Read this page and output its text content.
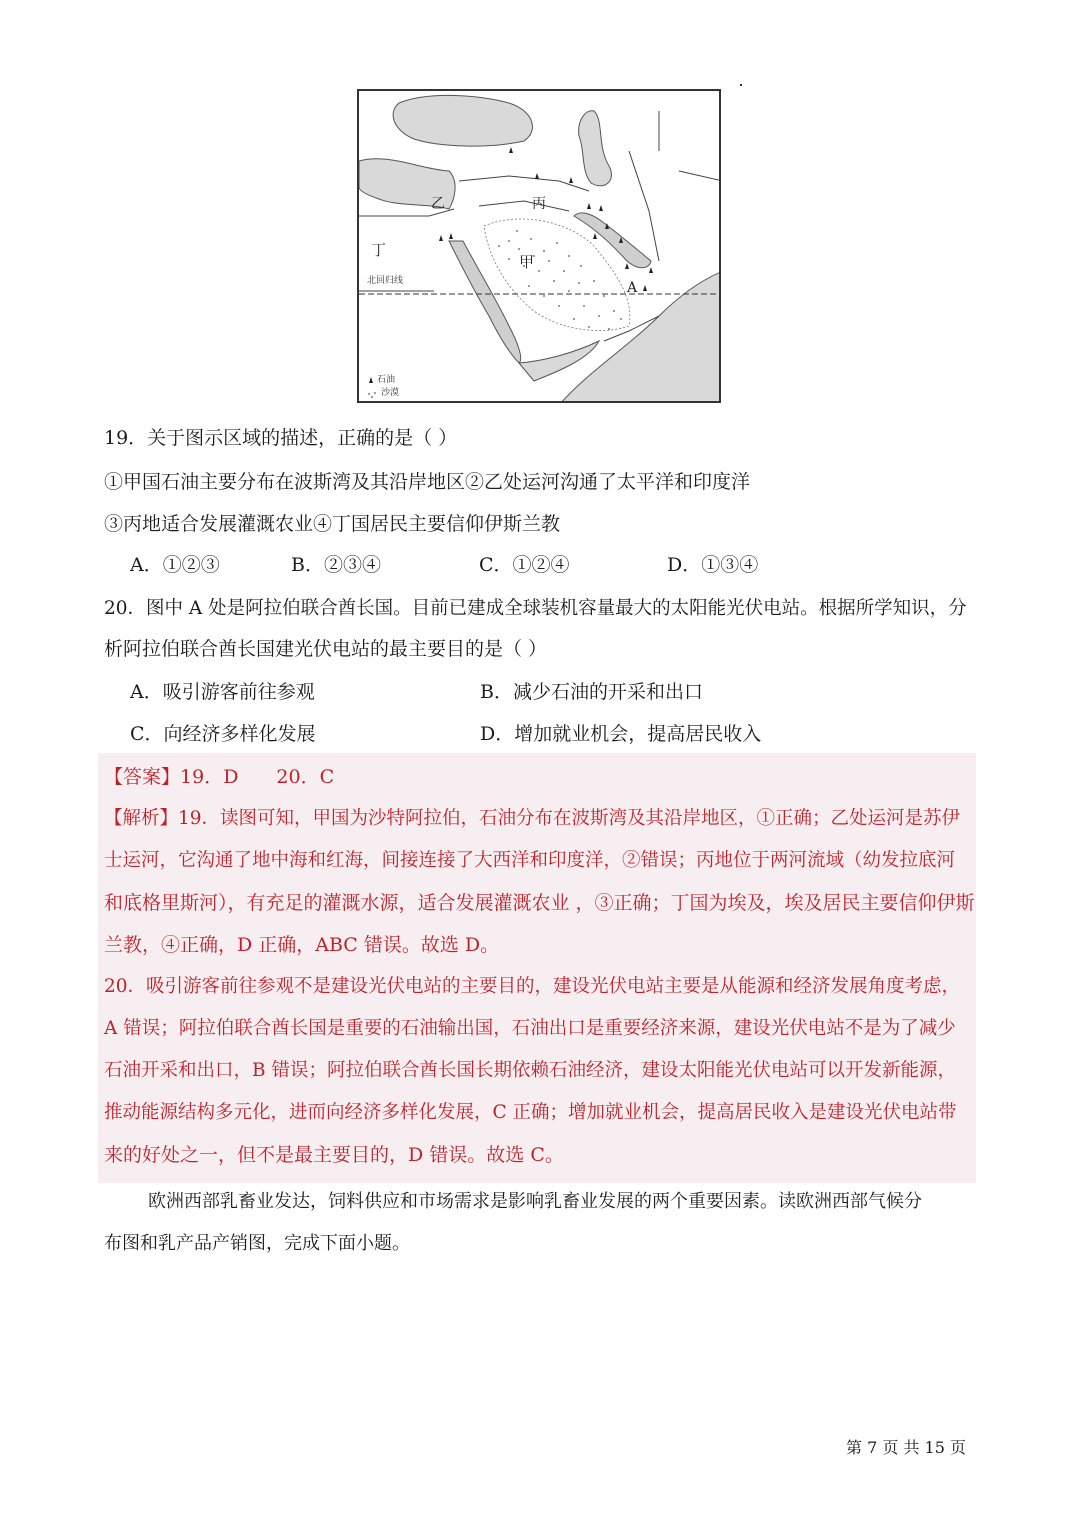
甲
乙	丙
丁
A
北回归线
石油
沙漠
19．关于图示区域的描述，正确的是（ ）
①甲国石油主要分布在波斯湾及其沿岸地区②乙处运河沟通了太平洋和印度洋
③丙地适合发展灌溉农业④丁国居民主要信仰伊斯兰教
A．①②③	B．②③④	C．①②④	D．①③④
20．图中 A 处是阿拉伯联合酋长国。目前已建成全球装机容量最大的太阳能光伏电站。根据所学知识，分
析阿拉伯联合酋长国建光伏电站的最主要目的是（ ）
A．吸引游客前往参观	B．减少石油的开采和出口
C．向经济多样化发展	D．增加就业机会，提高居民收入
【答案】19．D　　20．C
【解析】19．读图可知，甲国为沙特阿拉伯，石油分布在波斯湾及其沿岸地区，①正确；乙处运河是苏伊
士运河，它沟通了地中海和红海，间接连接了大西洋和印度洋，②错误；丙地位于两河流域（幼发拉底河
和底格里斯河），有充足的灌溉水源，适合发展灌溉农业 ，③正确；丁国为埃及，埃及居民主要信仰伊斯
兰教，④正确，D 正确，ABC 错误。故选 D。
20．吸引游客前往参观不是建设光伏电站的主要目的，建设光伏电站主要是从能源和经济发展角度考虑，
A 错误；阿拉伯联合酋长国是重要的石油输出国，石油出口是重要经济来源，建设光伏电站不是为了减少
石油开采和出口，B 错误；阿拉伯联合酋长国长期依赖石油经济，建设太阳能光伏电站可以开发新能源，
推动能源结构多元化，进而向经济多样化发展，C 正确；增加就业机会，提高居民收入是建设光伏电站带
来的好处之一，但不是最主要目的，D 错误。故选 C。
欧洲西部乳畜业发达，饲料供应和市场需求是影响乳畜业发展的两个重要因素。读欧洲西部气候分
布图和乳产品产销图，完成下面小题。
第 7 页 共 15 页
